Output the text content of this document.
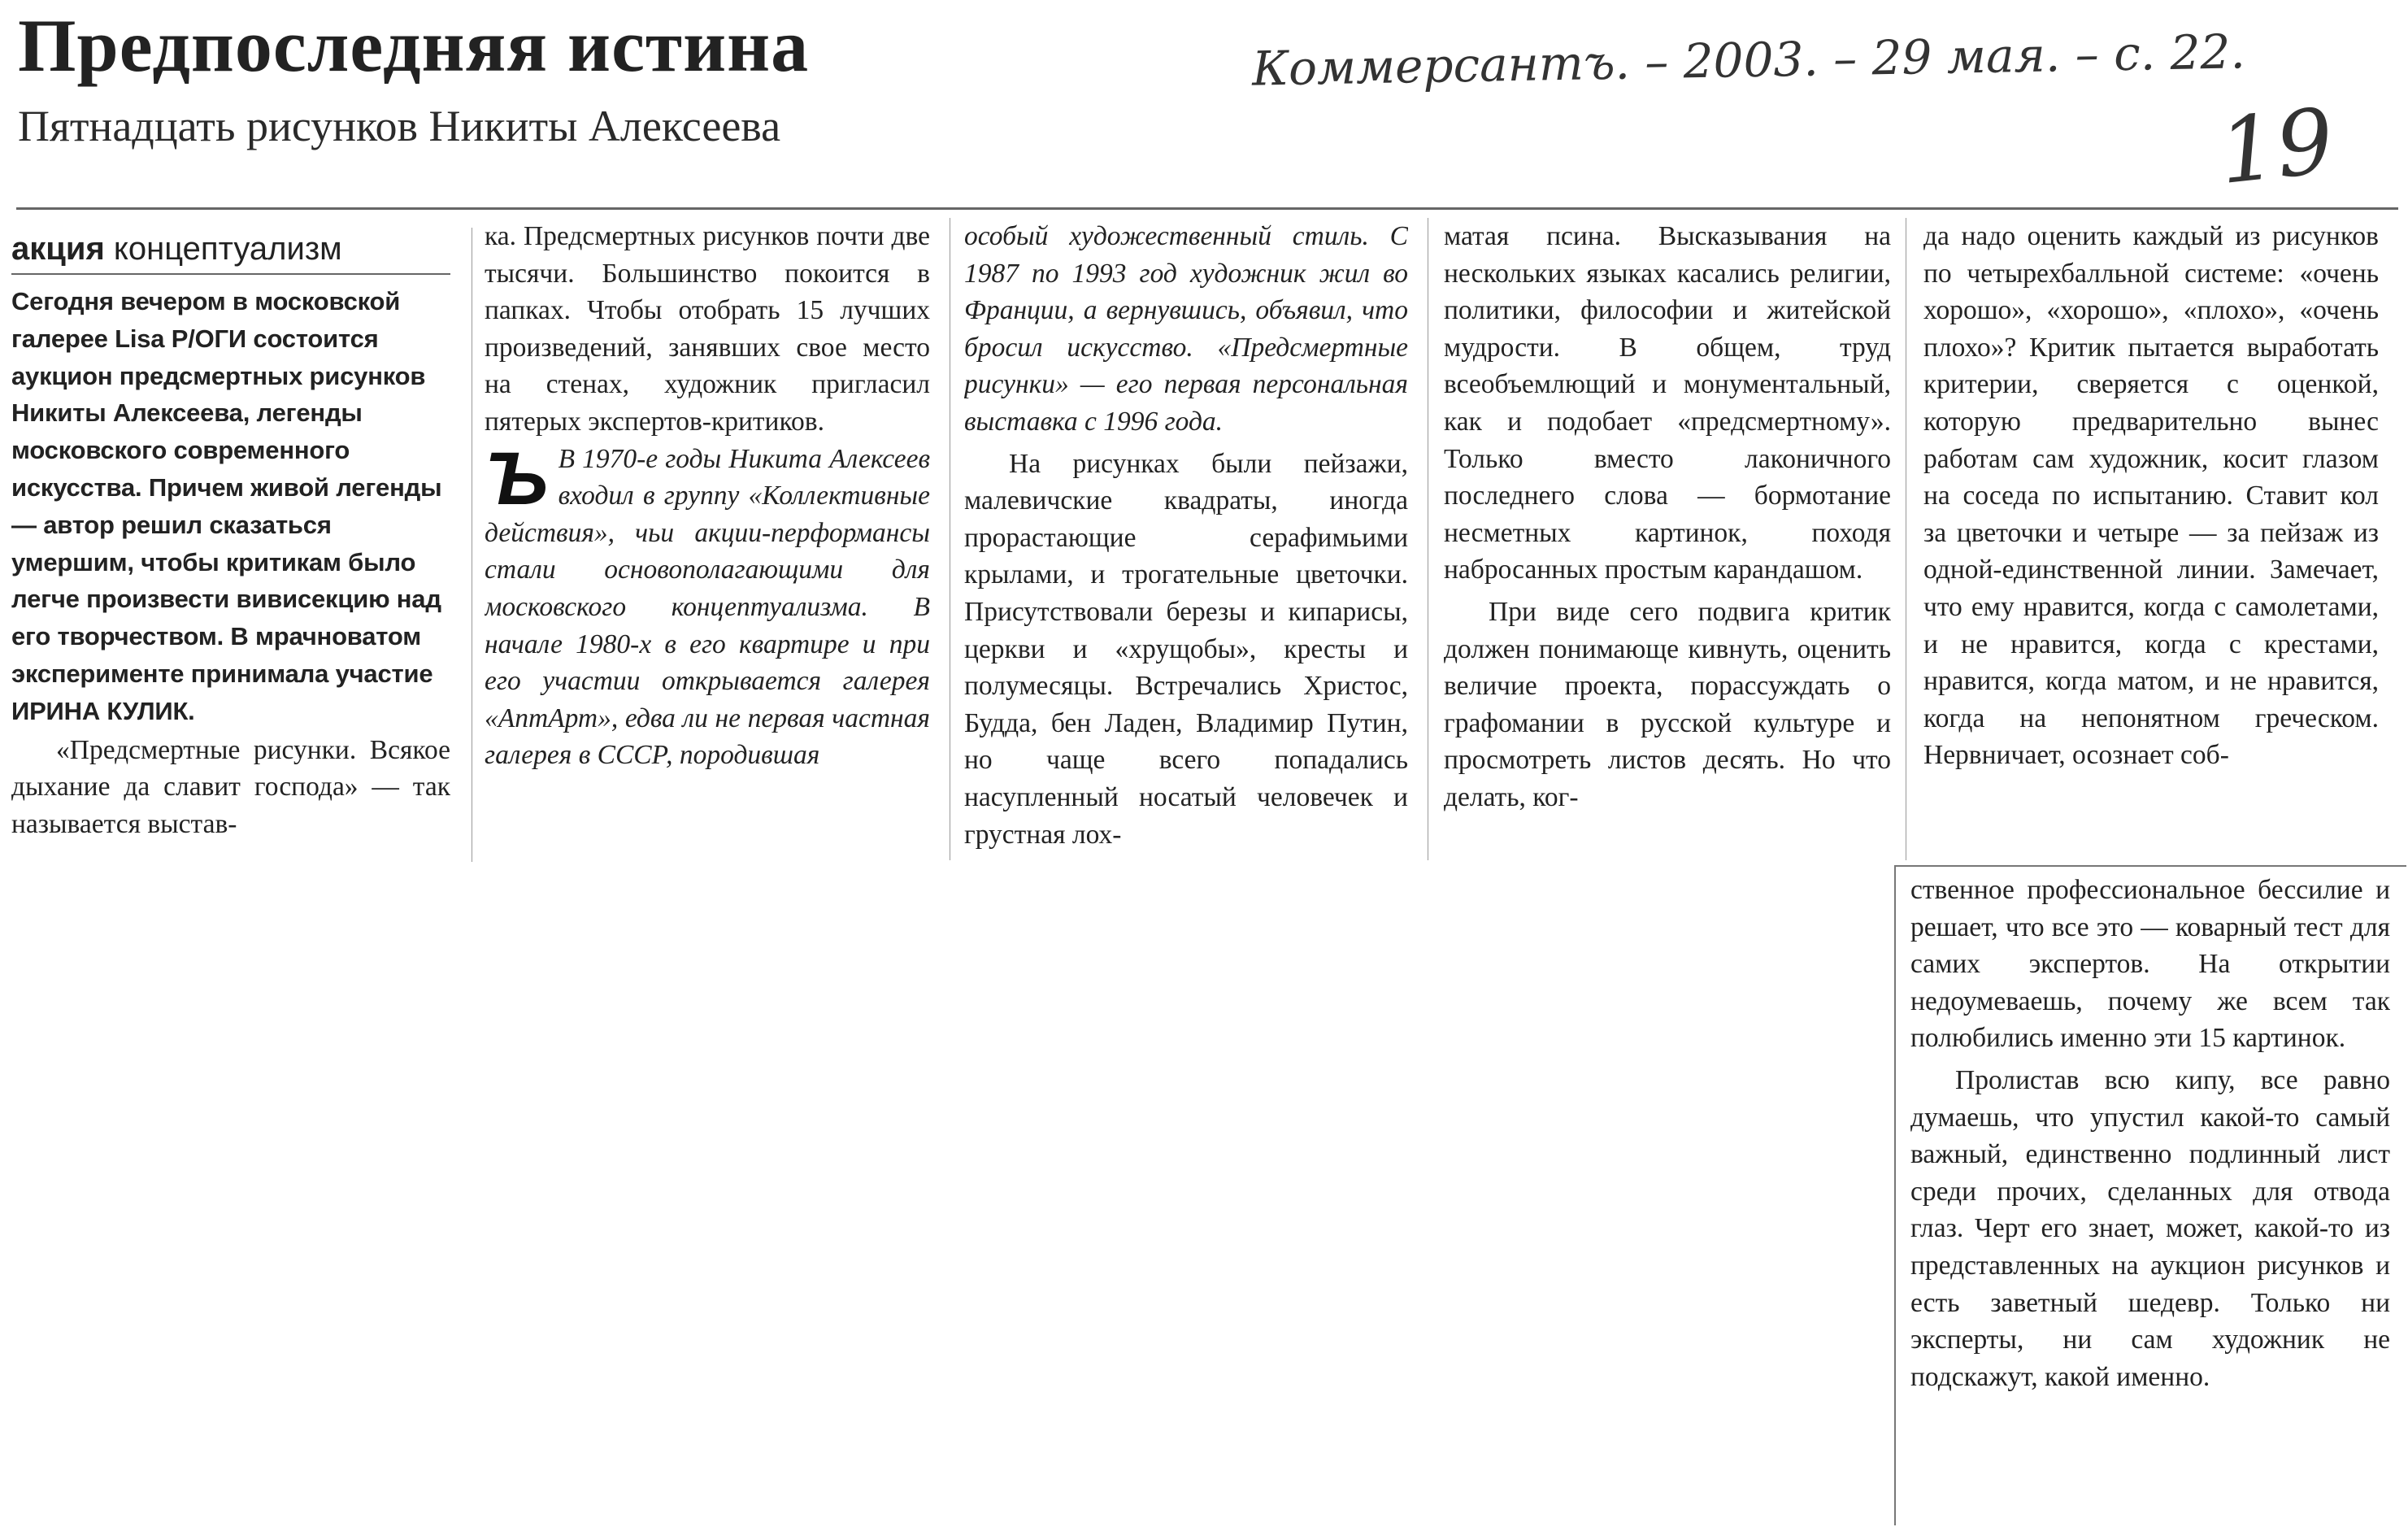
Предпоследняя истина
Пятнадцать рисунков Никиты Алексеева
Коммерсантъ. – 2003. – 29 мая. – с. 22.
19
акция концептуализм
Сегодня вечером в московской галерее Lisa Р/ОГИ состоится аукцион предсмертных рисунков Никиты Алексеева, легенды московского современного искусства. Причем живой легенды — автор решил сказаться умершим, чтобы критикам было легче произвести вивисекцию над его творчеством. В мрачноватом эксперименте принимала участие ИРИНА КУЛИК.

«Предсмертные рисунки. Всякое дыхание да славит господа» — так называется выстав-

ка. Предсмертных рисунков почти две тысячи. Большинство покоится в папках. Чтобы отобрать 15 лучших произведений, занявших свое место на стенах, художник пригласил пятерых экспертов-критиков.

Ъ В 1970-е годы Никита Алексеев входил в группу «Коллективные действия», чьи акции-перформансы стали основополагающими для московского концептуализма. В начале 1980-х в его квартире и при его участии открывается галерея «АптАрт», едва ли не первая частная галерея в СССР, породившая

особый художественный стиль. С 1987 по 1993 год художник жил во Франции, а вернувшись, объявил, что бросил искусство. «Предсмертные рисунки» — его первая персональная выставка с 1996 года.

На рисунках были пейзажи, малевичские квадраты, иногда прорастающие серафимьими крылами, и трогательные цветочки. Присутствовали березы и кипарисы, церкви и «хрущобы», кресты и полумесяцы. Встречались Христос, Будда, бен Ладен, Владимир Путин, но чаще всего попадались насупленный носатый человечек и грустная лох-

матая псина. Высказывания на нескольких языках касались религии, политики, философии и житейской мудрости. В общем, труд всеобъемлющий и монументальный, как и подобает «предсмертному». Только вместо лаконичного последнего слова — бормотание несметных картинок, походя набросанных простым карандашом.

При виде сего подвига критик должен понимающе кивнуть, оценить величие проекта, порассуждать о графомании в русской культуре и просмотреть листов десять. Но что делать, ког-

да надо оценить каждый из рисунков по четырехбалльной системе: «очень хорошо», «хорошо», «плохо», «очень плохо»? Критик пытается выработать критерии, сверяется с оценкой, которую предварительно вынес работам сам художник, косит глазом на соседа по испытанию. Ставит кол за цветочки и четыре — за пейзаж из одной-единственной линии. Замечает, что ему нравится, когда с самолетами, и не нравится, когда с крестами, нравится, когда матом, и не нравится, когда на непонятном греческом. Нервничает, осознает соб-

ственное профессиональное бессилие и решает, что все это — коварный тест для самих экспертов. На открытии недоумеваешь, почему же всем так полюбились именно эти 15 картинок.

Пролистав всю кипу, все равно думаешь, что упустил какой-то самый важный, единственно подлинный лист среди прочих, сделанных для отвода глаз. Черт его знает, может, какой-то из представленных на аукцион рисунков и есть заветный шедевр. Только ни эксперты, ни сам художник не подскажут, какой именно.
